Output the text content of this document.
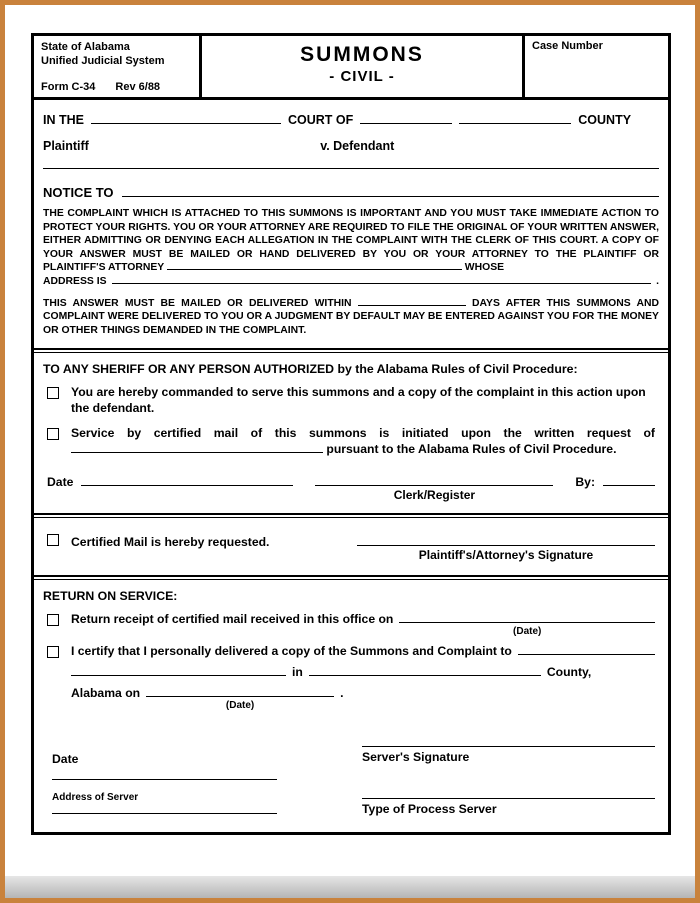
State of Alabama
Unified Judicial System
Form C-34 Rev 6/88
SUMMONS
- CIVIL -
Case Number
IN THE	COURT OF	COUNTY
Plaintiff	v. Defendant
NOTICE TO

THE COMPLAINT WHICH IS ATTACHED TO THIS SUMMONS IS IMPORTANT AND YOU MUST TAKE IMMEDIATE ACTION TO PROTECT YOUR RIGHTS. YOU OR YOUR ATTORNEY ARE REQUIRED TO FILE THE ORIGINAL OF YOUR WRITTEN ANSWER, EITHER ADMITTING OR DENYING EACH ALLEGATION IN THE COMPLAINT WITH THE CLERK OF THIS COURT. A COPY OF YOUR ANSWER MUST BE MAILED OR HAND DELIVERED BY YOU OR YOUR ATTORNEY TO THE PLAINTIFF OR PLAINTIFF'S ATTORNEY	WHOSE

ADDRESS IS	.

THIS ANSWER MUST BE MAILED OR DELIVERED WITHIN	DAYS AFTER THIS SUMMONS AND COMPLAINT WERE DELIVERED TO YOU OR A JUDGMENT BY DEFAULT MAY BE ENTERED AGAINST YOU FOR THE MONEY OR OTHER THINGS DEMANDED IN THE COMPLAINT.

TO ANY SHERIFF OR ANY PERSON AUTHORIZED by the Alabama Rules of Civil Procedure:
You are hereby commanded to serve this summons and a copy of the complaint in this action upon the defendant.
Service by certified mail of this summons is initiated upon the written request of  pursuant to the Alabama Rules of Civil Procedure.
Date
Clerk/Register
By:
Certified Mail is hereby requested.
Plaintiff's/Attorney's Signature
RETURN ON SERVICE:
Return receipt of certified mail received in this office on
(Date)
I certify that I personally delivered a copy of the Summons and Complaint to
in	County,
Alabama on
(Date)
.
Date	Server's Signature
Address of Server
Type of Process Server
